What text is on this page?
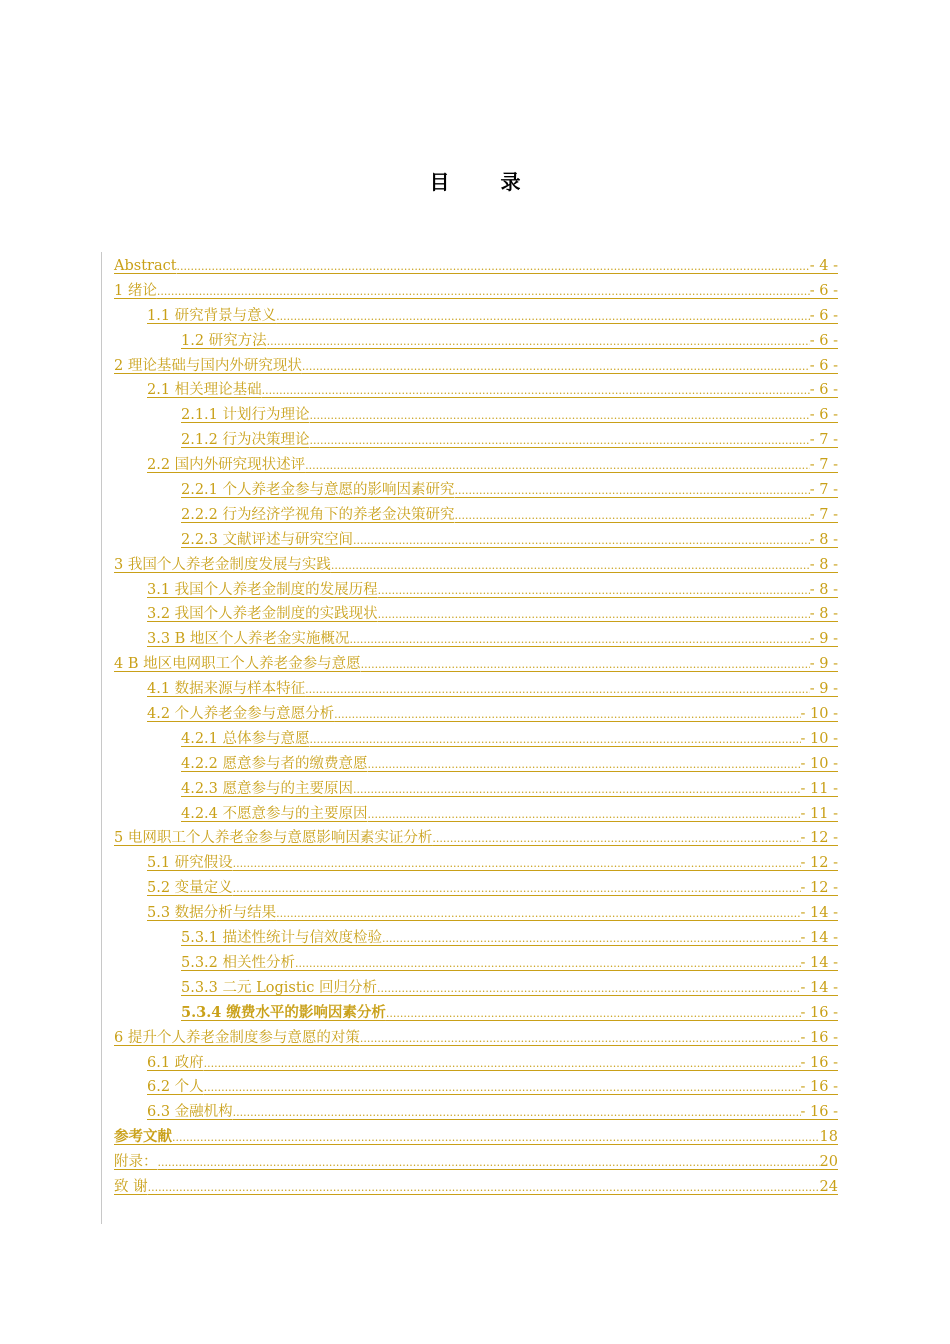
目 录
Abstract .....	- 4 -
1 绪论 .....	- 6 -
1.1 研究背景与意义 .....	- 6 -
1.2 研究方法 .....	- 6 -
2 理论基础与国内外研究现状 .....	- 6 -
2.1 相关理论基础 .....	- 6 -
2.1.1 计划行为理论 .....	- 6 -
2.1.2 行为决策理论 .....	- 7 -
2.2 国内外研究现状述评 .....	- 7 -
2.2.1 个人养老金参与意愿的影响因素研究 .....	- 7 -
2.2.2 行为经济学视角下的养老金决策研究 .....	- 7 -
2.2.3 文献评述与研究空间 .....	- 8 -
3 我国个人养老金制度发展与实践 .....	- 8 -
3.1 我国个人养老金制度的发展历程 .....	- 8 -
3.2 我国个人养老金制度的实践现状 .....	- 8 -
3.3 B 地区个人养老金实施概况 .....	- 9 -
4 B 地区电网职工个人养老金参与意愿 .....	- 9 -
4.1 数据来源与样本特征 .....	- 9 -
4.2 个人养老金参与意愿分析 .....	- 10 -
4.2.1 总体参与意愿 .....	- 10 -
4.2.2 愿意参与者的缴费意愿 .....	- 10 -
4.2.3 愿意参与的主要原因 .....	- 11 -
4.2.4 不愿意参与的主要原因 .....	- 11 -
5 电网职工个人养老金参与意愿影响因素实证分析 .....	- 12 -
5.1 研究假设 .....	- 12 -
5.2 变量定义 .....	- 12 -
5.3 数据分析与结果 .....	- 14 -
5.3.1 描述性统计与信效度检验 .....	- 14 -
5.3.2 相关性分析 .....	- 14 -
5.3.3 二元 Logistic 回归分析 .....	- 14 -
5.3.4 缴费水平的影响因素分析 .....	- 16 -
6 提升个人养老金制度参与意愿的对策 .....	- 16 -
6.1 政府 .....	- 16 -
6.2 个人 .....	- 16 -
6.3 金融机构 .....	- 16 -
参考文献 .....	18
附录： .....	20
致 谢 .....	24
